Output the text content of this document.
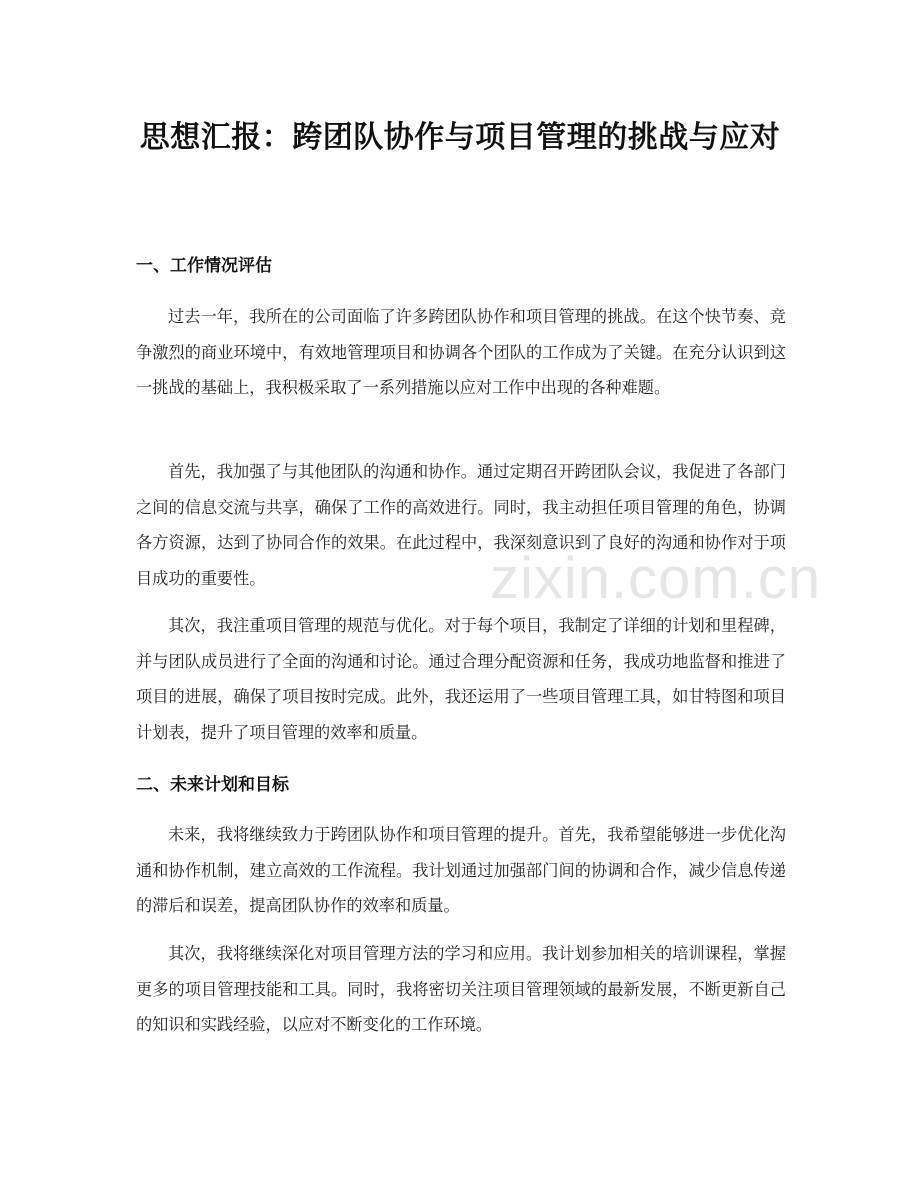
zixin.com.cn
思想汇报：跨团队协作与项目管理的挑战与应对
一、工作情况评估

过去一年，我所在的公司面临了许多跨团队协作和项目管理的挑战。在这个快节奏、竞争激烈的商业环境中，有效地管理项目和协调各个团队的工作成为了关键。在充分认识到这一挑战的基础上，我积极采取了一系列措施以应对工作中出现的各种难题。

首先，我加强了与其他团队的沟通和协作。通过定期召开跨团队会议，我促进了各部门之间的信息交流与共享，确保了工作的高效进行。同时，我主动担任项目管理的角色，协调各方资源，达到了协同合作的效果。在此过程中，我深刻意识到了良好的沟通和协作对于项目成功的重要性。

其次，我注重项目管理的规范与优化。对于每个项目，我制定了详细的计划和里程碑，并与团队成员进行了全面的沟通和讨论。通过合理分配资源和任务，我成功地监督和推进了项目的进展，确保了项目按时完成。此外，我还运用了一些项目管理工具，如甘特图和项目计划表，提升了项目管理的效率和质量。

二、未来计划和目标

未来，我将继续致力于跨团队协作和项目管理的提升。首先，我希望能够进一步优化沟通和协作机制，建立高效的工作流程。我计划通过加强部门间的协调和合作，减少信息传递的滞后和误差，提高团队协作的效率和质量。

其次，我将继续深化对项目管理方法的学习和应用。我计划参加相关的培训课程，掌握更多的项目管理技能和工具。同时，我将密切关注项目管理领域的最新发展，不断更新自己的知识和实践经验，以应对不断变化的工作环境。
